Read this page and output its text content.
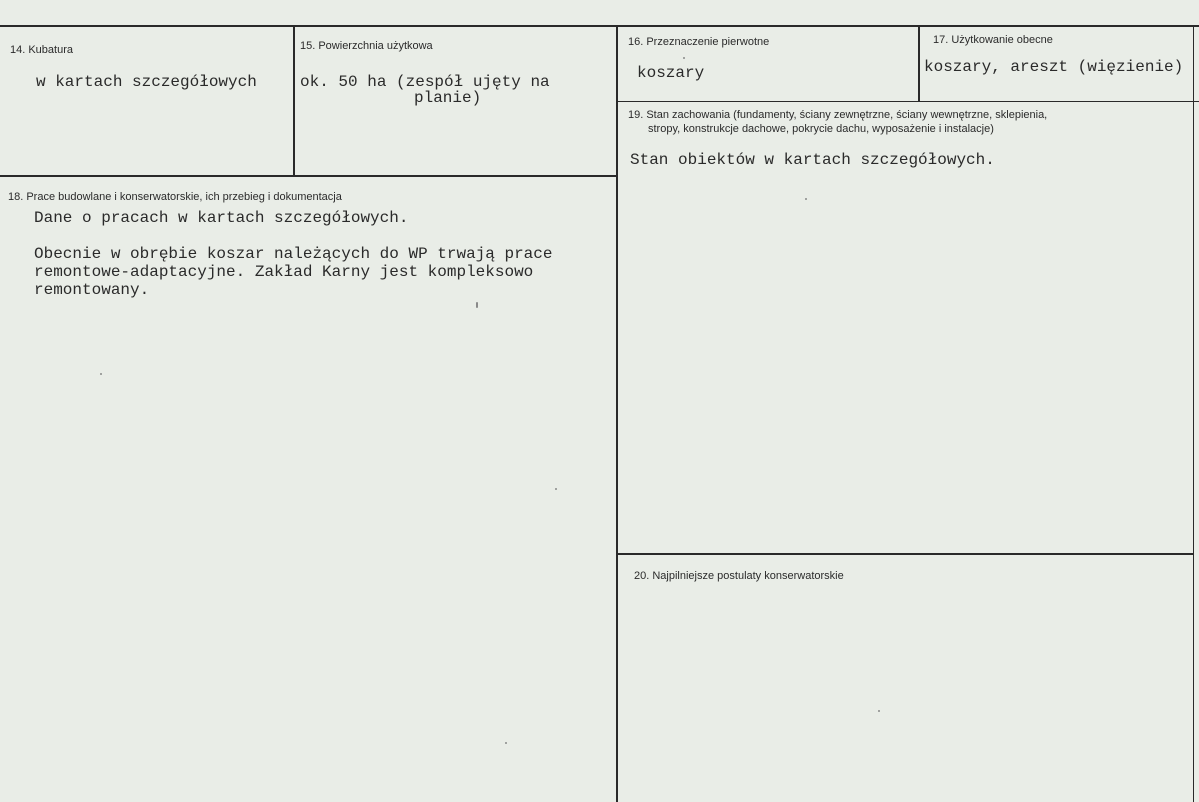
14. Kubatura
w kartach szczegółowych
15. Powierzchnia użytkowa
ok. 50 ha (zespół ujęty na
planie)
16. Przeznaczenie pierwotne
koszary
17. Użytkowanie obecne
koszary, areszt (więzienie)
18. Prace budowlane i konserwatorskie, ich przebieg i dokumentacja
Dane o pracach w kartach szczegółowych.
Obecnie w obrębie koszar należących do WP trwają prace
remontowe-adaptacyjne. Zakład Karny jest kompleksowo
remontowany.
19. Stan zachowania (fundamenty, ściany zewnętrzne, ściany wewnętrzne, sklepienia,
stropy, konstrukcje dachowe, pokrycie dachu, wyposażenie i instalacje)
Stan obiektów w kartach szczegółowych.
20. Najpilniejsze postulaty konserwatorskie
